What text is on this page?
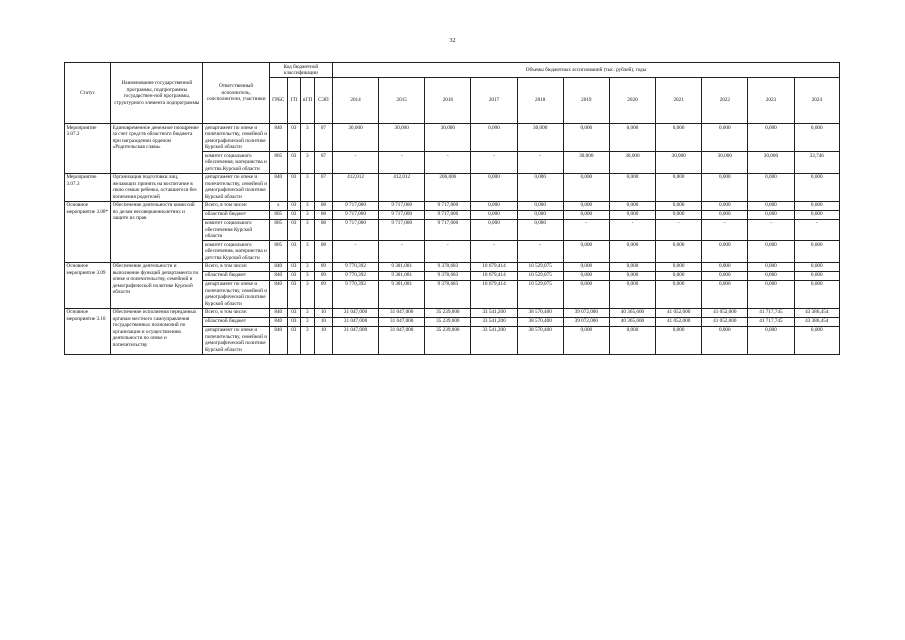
32
Статус	Наименование государственной программы, подпрограммы государствен-ной программы, структурного элемента подпрограммы	Ответственный исполнитель, соисполнители, участники	Код бюджетной классификации				Объемы бюджетных ассигнований (тыс. рублей), годы										
			ГРБС	ГП	пГП	СЭП	2014	2015	2016	2017	2018	2019	2020	2021	2022	2023	2024
Мероприятие 3.07.2	Единовременное денежное поощрение за счет средств областного бюджета при награждении орденом «Родительская слава»	департамент по опеке и попечительству, семейной и демографической политике Курской области	840	03	3	07	30,000	30,000	30,000	0,000	30,000	0,000	0,000	0,000	0,000	0,000	0,000
		комитет социального обеспечения, материнства и детства Курской области	805	03	3	07	-	-	-	-	-	30,000	30,000	30,000	30,000	30,000	33,746
Мероприятие 3.07.3	Организация подготовки лиц, желающих принять на воспитание в свою семью ребенка, оставшегося без попечения родителей	департамент по опеке и попечительству, семейной и демографической политике Курской области	840	03	3	07	412,012	412,012	206,006	0,000	0,000	0,000	0,000	0,000	0,000	0,000	0,000
Основное мероприятие 3.08*	Обеспечение деятельности комиссий по делам несовершеннолетних и защите их прав	Всего, в том числе:	х	03	3	08	9 717,000	9 717,000	9 717,000	0,000	0,000	0,000	0,000	0,000	0,000	0,000	0,000
		областной бюджет	805	03	3	08	9 717,000	9 717,000	9 717,000	0,000	0,000	0,000	0,000	0,000	0,000	0,000	0,000
		комитет социального обеспечения Курской области	805	03	3	08	9 717,000	9 717,000	9 717,000	0,000	0,000	-	-	-	-	-	-
		комитет социального обеспечения, материнства и детства Курской области	805	03	3	08	-	-	-	-	-	0,000	0,000	0,000	0,000	0,000	0,000
Основное мероприятие 3.09	Обеспечение деятельности и выполнение функций департамента по опеке и попечительству, семейной и демографической политике Курской области	Всего, в том числе:	840	03	3	09	9 770,392	9 301,081	9 378,683	10 679,414	10 529,075	0,000	0,000	0,000	0,000	0,000	0,000
		областной бюджет	840	03	3	09	9 770,392	9 301,081	9 378,683	10 679,414	10 529,075	0,000	0,000	0,000	0,000	0,000	0,000
		департамент по опеке и попечительству, семейной и демографической политике Курской области	840	03	3	09	9 770,392	9 301,081	9 378,683	10 679,414	10 529,075	0,000	0,000	0,000	0,000	0,000	0,000
Основное мероприятие 3.10	Обеспечение исполнения переданных органам местного самоуправления государственных полномочий по организации и осуществлению деятельности по опеке и попечительству	Всего, в том числе:	840	03	3	10	31 047,000	31 047,000	35 239,000	33 541,200	38 570,400	39 072,000	40 365,600	41 052,000	41 052,000	41 717,745	43 386,454
		областной бюджет	840	03	3	10	31 047,000	31 047,000	35 239,000	33 541,200	38 570,400	39 072,000	40 365,600	41 052,000	41 052,000	41 717,745	43 386,454
		департамент по опеке и попечительству, семейной и демографической политике Курской области	840	03	3	10	31 047,000	31 047,000	35 239,000	33 541,200	38 570,400	0,000	0,000	0,000	0,000	0,000	0,000
